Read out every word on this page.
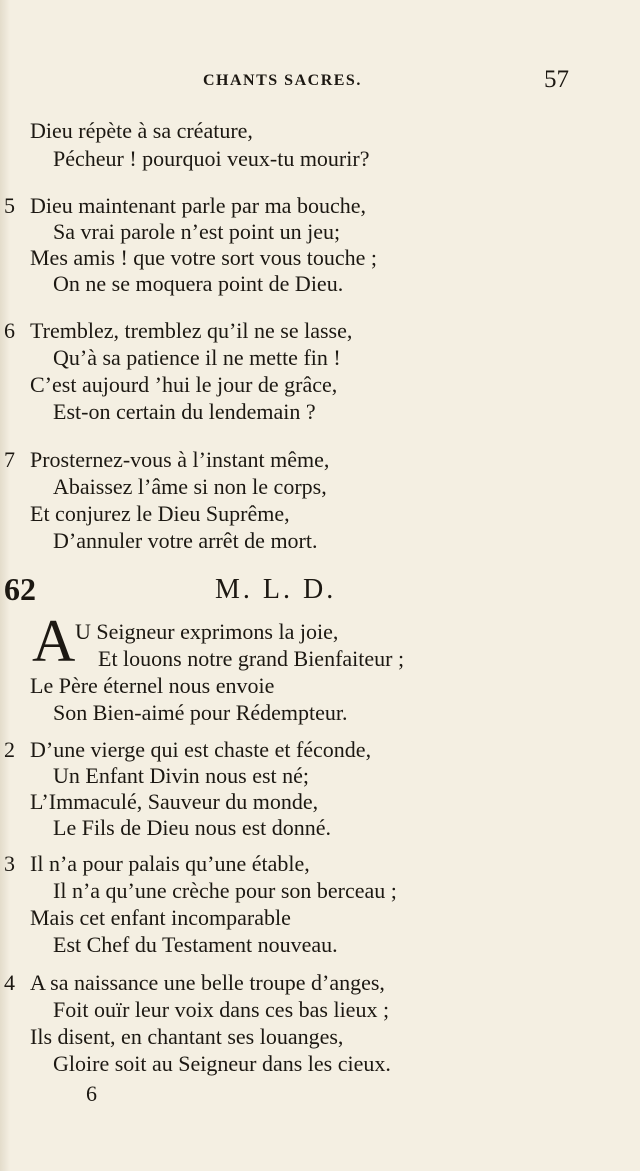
CHANTS SACRES.	57
Dieu répète à sa créature,
Pécheur ! pourquoi veux-tu mourir?
5 Dieu maintenant parle par ma bouche,
Sa vrai parole n’est point un jeu;
Mes amis ! que votre sort vous touche ;
On ne se moquera point de Dieu.
6 Tremblez, tremblez qu’il ne se lasse,
Qu’à sa patience il ne mette fin !
C’est aujourd ’hui le jour de grâce,
Est-on certain du lendemain ?
7 Prosternez-vous à l’instant même,
Abaissez l’âme si non le corps,
Et conjurez le Dieu Suprême,
D’annuler votre arrêt de mort.
62	M. L. D.
A U Seigneur exprimons la joie,
Et louons notre grand Bienfaiteur ;
Le Père éternel nous envoie
Son Bien-aimé pour Rédempteur.
2 D’une vierge qui est chaste et féconde,
Un Enfant Divin nous est né;
L’Immaculé, Sauveur du monde,
Le Fils de Dieu nous est donné.
3 Il n’a pour palais qu’une étable,
Il n’a qu’une crèche pour son berceau ;
Mais cet enfant incomparable
Est Chef du Testament nouveau.
4 A sa naissance une belle troupe d’anges,
Foit ouïr leur voix dans ces bas lieux ;
Ils disent, en chantant ses louanges,
Gloire soit au Seigneur dans les cieux.
6
